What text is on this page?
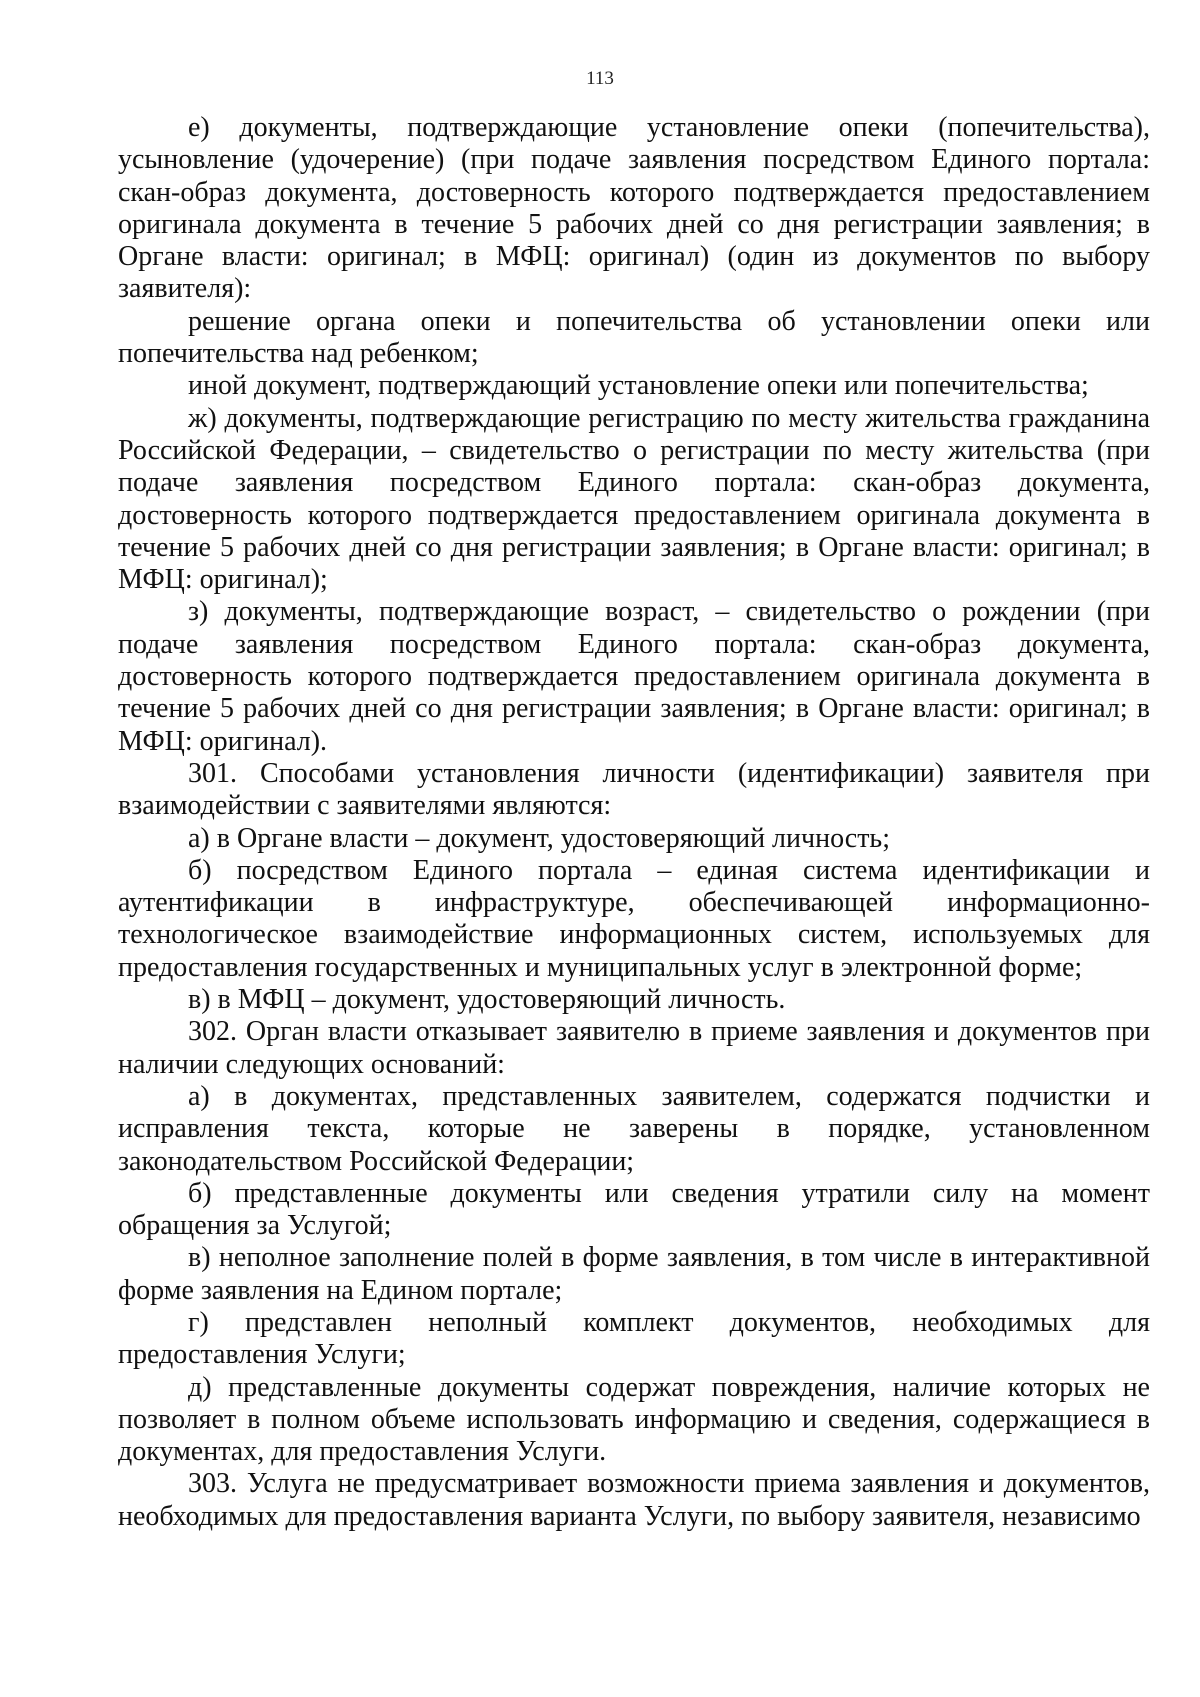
113

е) документы, подтверждающие установление опеки (попечительства), усыновление (удочерение) (при подаче заявления посредством Единого портала: скан-образ документа, достоверность которого подтверждается предоставлением оригинала документа в течение 5 рабочих дней со дня регистрации заявления; в Органе власти: оригинал; в МФЦ: оригинал) (один из документов по выбору заявителя):

решение органа опеки и попечительства об установлении опеки или попечительства над ребенком;

иной документ, подтверждающий установление опеки или попечительства;

ж) документы, подтверждающие регистрацию по месту жительства гражданина Российской Федерации, – свидетельство о регистрации по месту жительства (при подаче заявления посредством Единого портала: скан-образ документа, достоверность которого подтверждается предоставлением оригинала документа в течение 5 рабочих дней со дня регистрации заявления; в Органе власти: оригинал; в МФЦ: оригинал);

з) документы, подтверждающие возраст, – свидетельство о рождении (при подаче заявления посредством Единого портала: скан-образ документа, достоверность которого подтверждается предоставлением оригинала документа в течение 5 рабочих дней со дня регистрации заявления; в Органе власти: оригинал; в МФЦ: оригинал).

301. Способами установления личности (идентификации) заявителя при взаимодействии с заявителями являются:

а) в Органе власти – документ, удостоверяющий личность;

б) посредством Единого портала – единая система идентификации и аутентификации в инфраструктуре, обеспечивающей информационно-технологическое взаимодействие информационных систем, используемых для предоставления государственных и муниципальных услуг в электронной форме;

в) в МФЦ – документ, удостоверяющий личность.

302. Орган власти отказывает заявителю в приеме заявления и документов при наличии следующих оснований:

а) в документах, представленных заявителем, содержатся подчистки и исправления текста, которые не заверены в порядке, установленном законодательством Российской Федерации;

б) представленные документы или сведения утратили силу на момент обращения за Услугой;

в) неполное заполнение полей в форме заявления, в том числе в интерактивной форме заявления на Едином портале;

г) представлен неполный комплект документов, необходимых для предоставления Услуги;

д) представленные документы содержат повреждения, наличие которых не позволяет в полном объеме использовать информацию и сведения, содержащиеся в документах, для предоставления Услуги.

303. Услуга не предусматривает возможности приема заявления и документов, необходимых для предоставления варианта Услуги, по выбору заявителя, независимо
